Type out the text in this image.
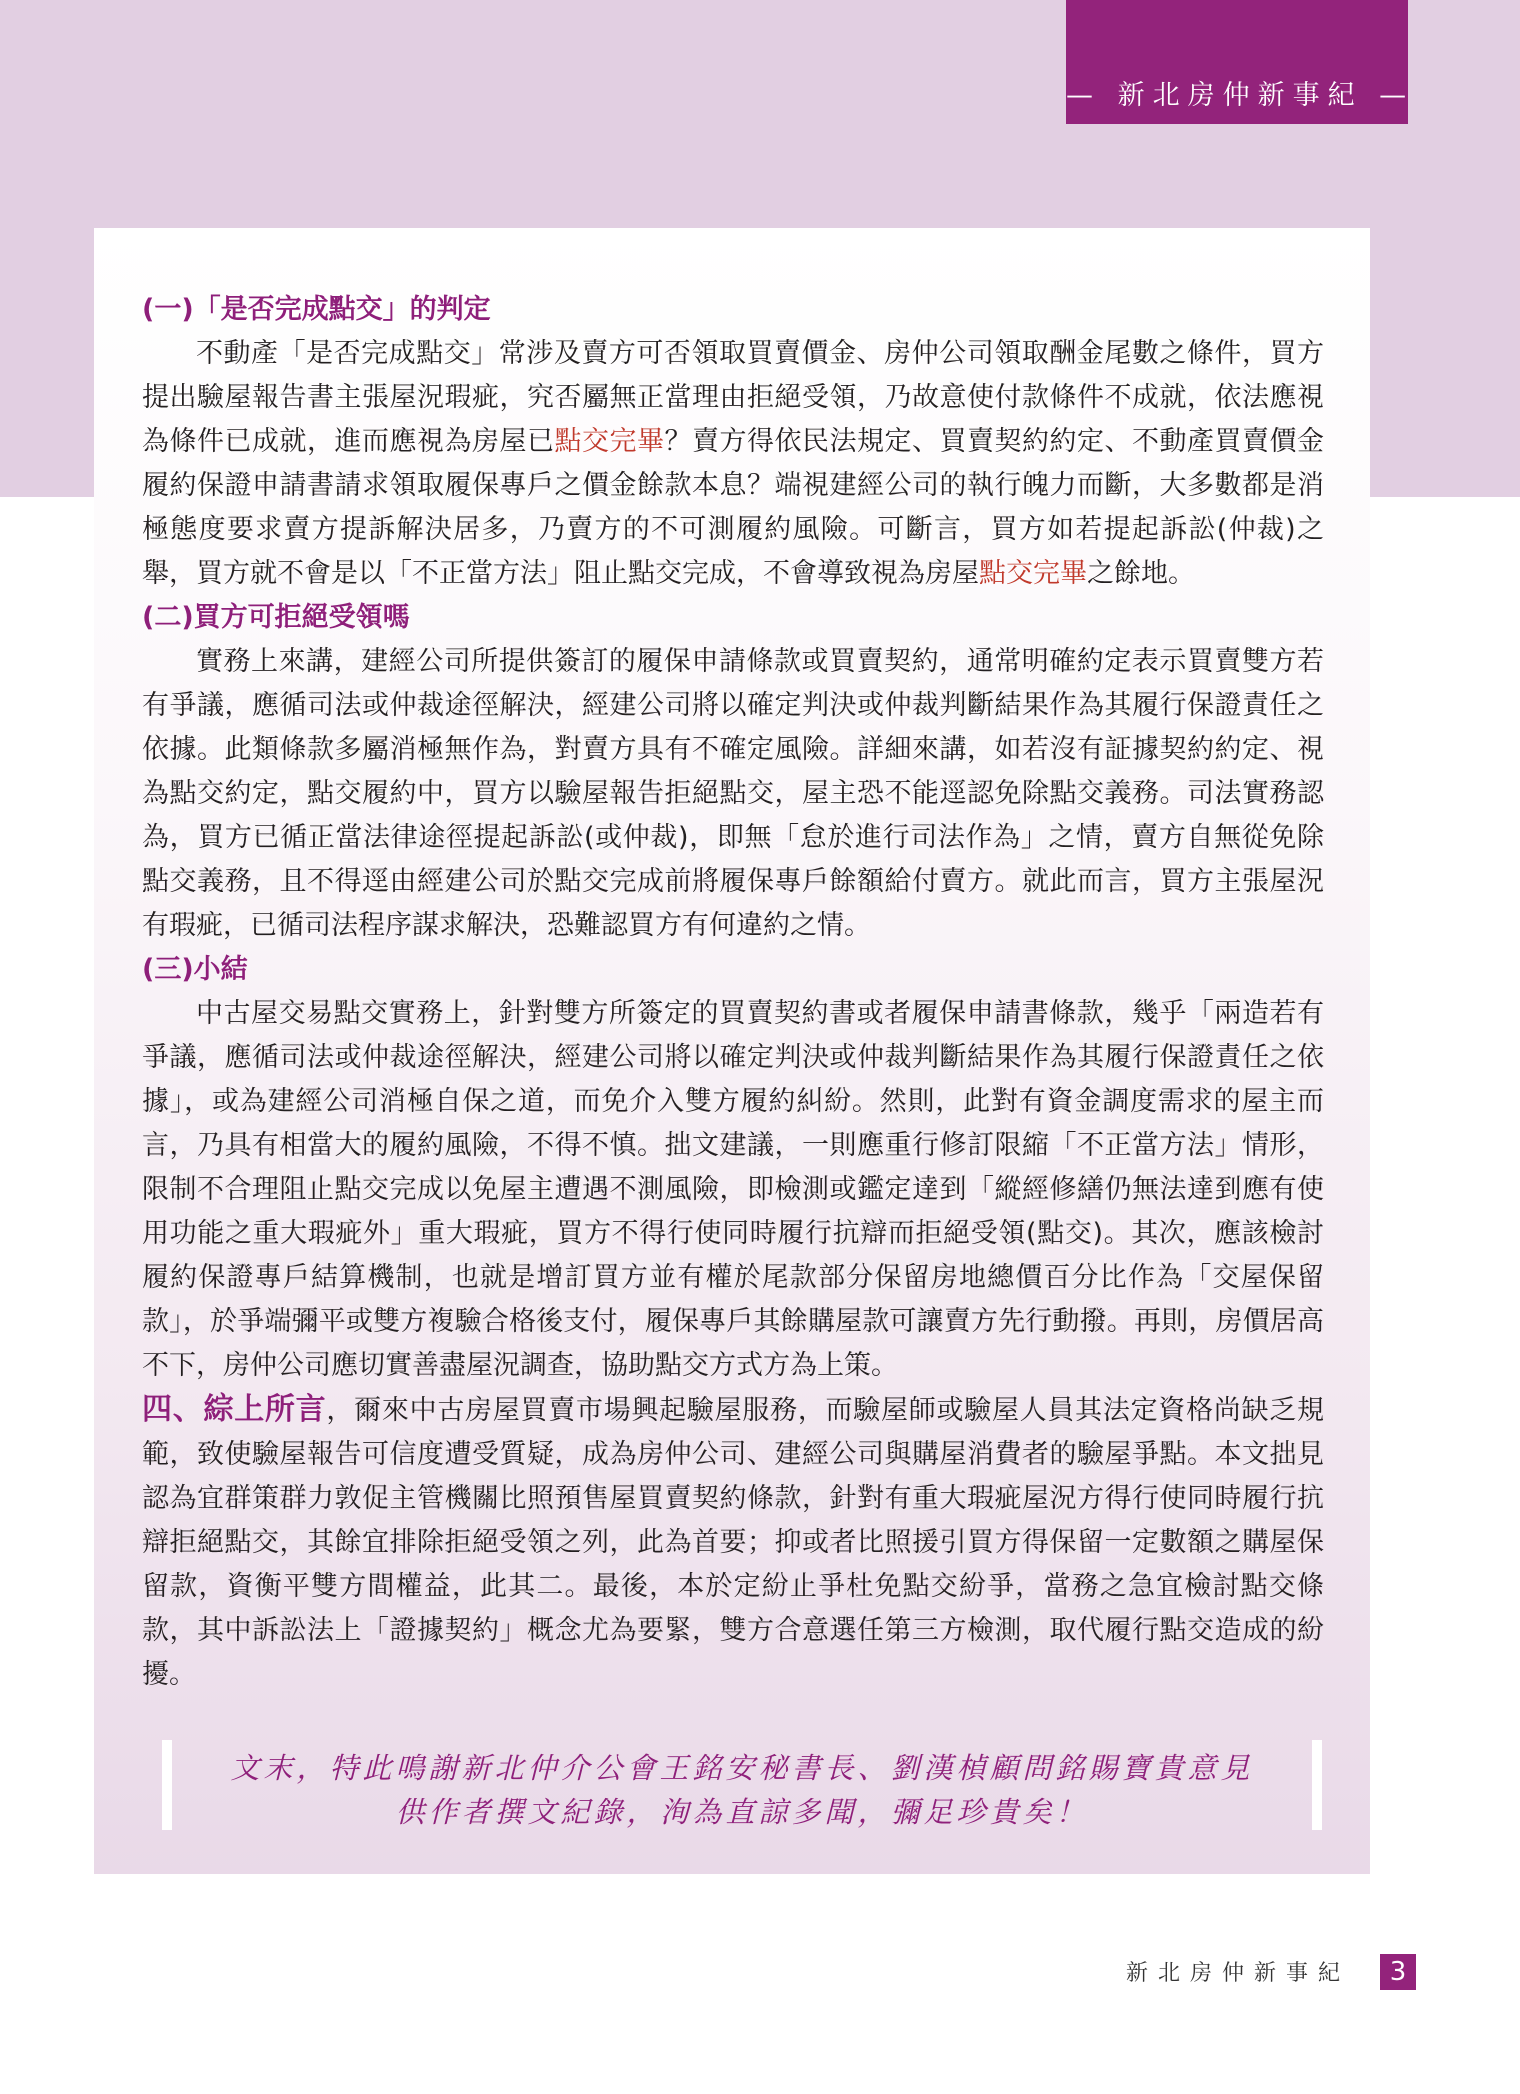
— 新北房仲新事紀 —

(一)「是否完成點交」的判定

不動產「是否完成點交」常涉及賣方可否領取買賣價金、房仲公司領取酬金尾數之條件，買方提出驗屋報告書主張屋況瑕疵，究否屬無正當理由拒絕受領，乃故意使付款條件不成就，依法應視為條件已成就，進而應視為房屋已點交完畢？賣方得依民法規定、買賣契約約定、不動產買賣價金履約保證申請書請求領取履保專戶之價金餘款本息？端視建經公司的執行魄力而斷，大多數都是消極態度要求賣方提訴解決居多，乃賣方的不可測履約風險。可斷言，買方如若提起訴訟(仲裁)之舉，買方就不會是以「不正當方法」阻止點交完成，不會導致視為房屋點交完畢之餘地。

(二)買方可拒絕受領嗎

實務上來講，建經公司所提供簽訂的履保申請條款或買賣契約，通常明確約定表示買賣雙方若有爭議，應循司法或仲裁途徑解決，經建公司將以確定判決或仲裁判斷結果作為其履行保證責任之依據。此類條款多屬消極無作為，對賣方具有不確定風險。詳細來講，如若沒有証據契約約定、視為點交約定，點交履約中，買方以驗屋報告拒絕點交，屋主恐不能逕認免除點交義務。司法實務認為，買方已循正當法律途徑提起訴訟(或仲裁)，即無「怠於進行司法作為」之情，賣方自無從免除點交義務，且不得逕由經建公司於點交完成前將履保專戶餘額給付賣方。就此而言，買方主張屋況有瑕疵，已循司法程序謀求解決，恐難認買方有何違約之情。

(三)小結

中古屋交易點交實務上，針對雙方所簽定的買賣契約書或者履保申請書條款，幾乎「兩造若有爭議，應循司法或仲裁途徑解決，經建公司將以確定判決或仲裁判斷結果作為其履行保證責任之依據」，或為建經公司消極自保之道，而免介入雙方履約糾紛。然則，此對有資金調度需求的屋主而言，乃具有相當大的履約風險，不得不慎。拙文建議，一則應重行修訂限縮「不正當方法」情形，限制不合理阻止點交完成以免屋主遭遇不測風險，即檢測或鑑定達到「縱經修繕仍無法達到應有使用功能之重大瑕疵外」重大瑕疵，買方不得行使同時履行抗辯而拒絕受領(點交)。其次，應該檢討履約保證專戶結算機制，也就是增訂買方並有權於尾款部分保留房地總價百分比作為「交屋保留款」，於爭端彌平或雙方複驗合格後支付，履保專戶其餘購屋款可讓賣方先行動撥。再則，房價居高不下，房仲公司應切實善盡屋況調查，協助點交方式方為上策。

四、綜上所言，爾來中古房屋買賣市場興起驗屋服務，而驗屋師或驗屋人員其法定資格尚缺乏規範，致使驗屋報告可信度遭受質疑，成為房仲公司、建經公司與購屋消費者的驗屋爭點。本文拙見認為宜群策群力敦促主管機關比照預售屋買賣契約條款，針對有重大瑕疵屋況方得行使同時履行抗辯拒絕點交，其餘宜排除拒絕受領之列，此為首要；抑或者比照援引買方得保留一定數額之購屋保留款，資衡平雙方間權益，此其二。最後，本於定紛止爭杜免點交紛爭，當務之急宜檢討點交條款，其中訴訟法上「證據契約」概念尤為要緊，雙方合意選任第三方檢測，取代履行點交造成的紛擾。

文末，特此鳴謝新北仲介公會王銘安秘書長、劉漢楨顧問銘賜寶貴意見
供作者撰文紀錄，洵為直諒多聞，彌足珍貴矣！
新北房仲新事紀	3
